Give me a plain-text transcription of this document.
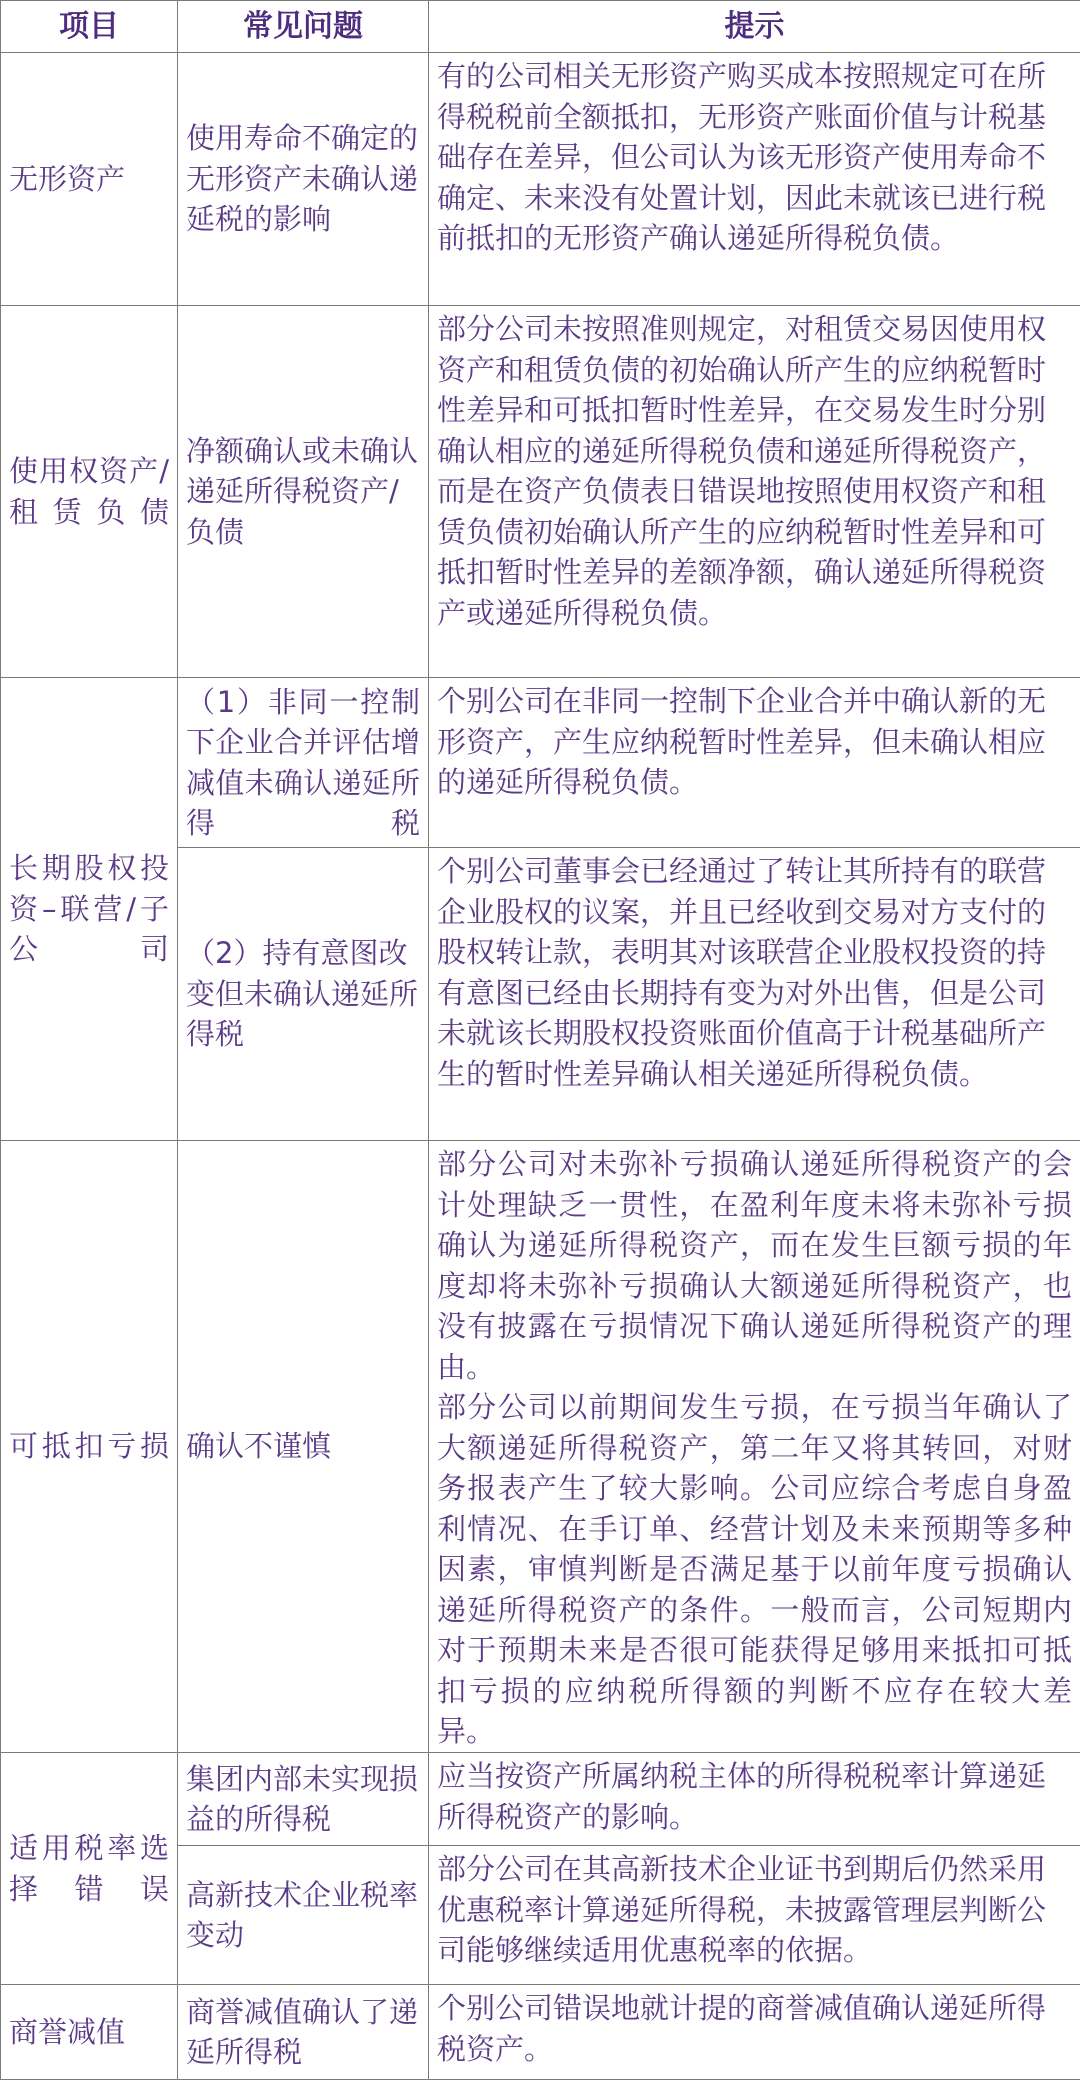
项目	常见问题	提示
无形资产	使用寿命不确定的无形资产未确认递延税的影响	有的公司相关无形资产购买成本按照规定可在所得税税前全额抵扣，无形资产账面价值与计税基础存在差异，但公司认为该无形资产使用寿命不确定、未来没有处置计划，因此未就该已进行税前抵扣的无形资产确认递延所得税负债。
使用权资产/租赁负债	净额确认或未确认递延所得税资产/负债	部分公司未按照准则规定，对租赁交易因使用权资产和租赁负债的初始确认所产生的应纳税暂时性差异和可抵扣暂时性差异，在交易发生时分别确认相应的递延所得税负债和递延所得税资产，而是在资产负债表日错误地按照使用权资产和租赁负债初始确认所产生的应纳税暂时性差异和可抵扣暂时性差异的差额净额，确认递延所得税资产或递延所得税负债。
长期股权投资–联营/子公司	（1）非同一控制下企业合并评估增减值未确认递延所得税	个别公司在非同一控制下企业合并中确认新的无形资产，产生应纳税暂时性差异，但未确认相应的递延所得税负债。
	（2）持有意图改变但未确认递延所得税	个别公司董事会已经通过了转让其所持有的联营企业股权的议案，并且已经收到交易对方支付的股权转让款，表明其对该联营企业股权投资的持有意图已经由长期持有变为对外出售，但是公司未就该长期股权投资账面价值高于计税基础所产生的暂时性差异确认相关递延所得税负债。
可抵扣亏损	确认不谨慎	部分公司对未弥补亏损确认递延所得税资产的会计处理缺乏一贯性，在盈利年度未将未弥补亏损确认为递延所得税资产，而在发生巨额亏损的年度却将未弥补亏损确认大额递延所得税资产，也没有披露在亏损情况下确认递延所得税资产的理由。
部分公司以前期间发生亏损，在亏损当年确认了大额递延所得税资产，第二年又将其转回，对财务报表产生了较大影响。公司应综合考虑自身盈利情况、在手订单、经营计划及未来预期等多种因素，审慎判断是否满足基于以前年度亏损确认递延所得税资产的条件。一般而言，公司短期内对于预期未来是否很可能获得足够用来抵扣可抵扣亏损的应纳税所得额的判断不应存在较大差异。

适用税率选择错误	集团内部未实现损益的所得税	应当按资产所属纳税主体的所得税税率计算递延所得税资产的影响。
	高新技术企业税率变动	部分公司在其高新技术企业证书到期后仍然采用优惠税率计算递延所得税，未披露管理层判断公司能够继续适用优惠税率的依据。
商誉减值	商誉减值确认了递延所得税	个别公司错误地就计提的商誉减值确认递延所得税资产。
